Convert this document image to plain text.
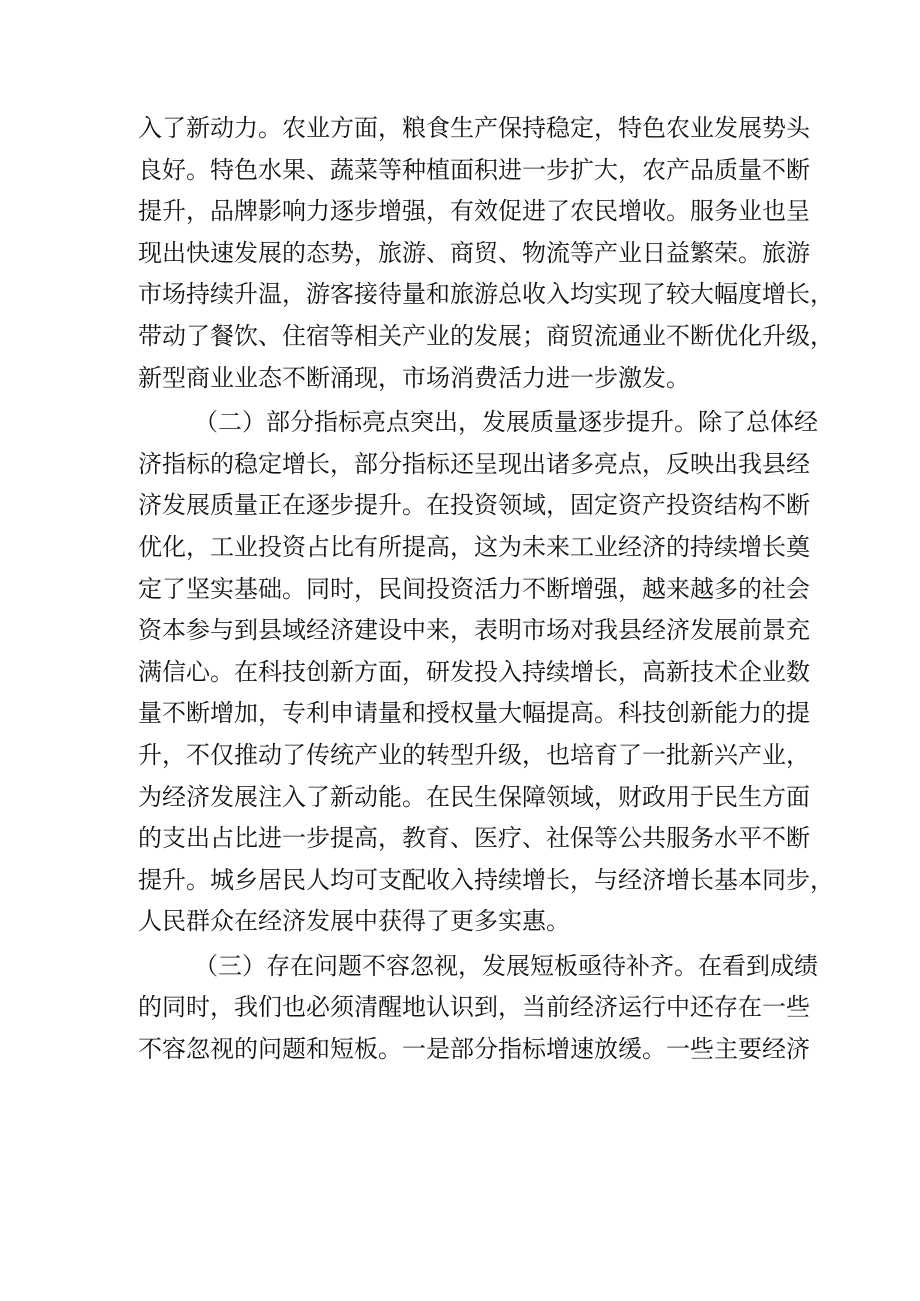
入了新动力。农业方面，粮食生产保持稳定，特色农业发展势头
良好。特色水果、蔬菜等种植面积进一步扩大，农产品质量不断
提升，品牌影响力逐步增强，有效促进了农民增收。服务业也呈
现出快速发展的态势，旅游、商贸、物流等产业日益繁荣。旅游
市场持续升温，游客接待量和旅游总收入均实现了较大幅度增长，
带动了餐饮、住宿等相关产业的发展；商贸流通业不断优化升级，
新型商业业态不断涌现，市场消费活力进一步激发。
（二）部分指标亮点突出，发展质量逐步提升。除了总体经
济指标的稳定增长，部分指标还呈现出诸多亮点，反映出我县经
济发展质量正在逐步提升。在投资领域，固定资产投资结构不断
优化，工业投资占比有所提高，这为未来工业经济的持续增长奠
定了坚实基础。同时，民间投资活力不断增强，越来越多的社会
资本参与到县域经济建设中来，表明市场对我县经济发展前景充
满信心。在科技创新方面，研发投入持续增长，高新技术企业数
量不断增加，专利申请量和授权量大幅提高。科技创新能力的提
升，不仅推动了传统产业的转型升级，也培育了一批新兴产业，
为经济发展注入了新动能。在民生保障领域，财政用于民生方面
的支出占比进一步提高，教育、医疗、社保等公共服务水平不断
提升。城乡居民人均可支配收入持续增长，与经济增长基本同步，
人民群众在经济发展中获得了更多实惠。
（三）存在问题不容忽视，发展短板亟待补齐。在看到成绩
的同时，我们也必须清醒地认识到，当前经济运行中还存在一些
不容忽视的问题和短板。一是部分指标增速放缓。一些主要经济
